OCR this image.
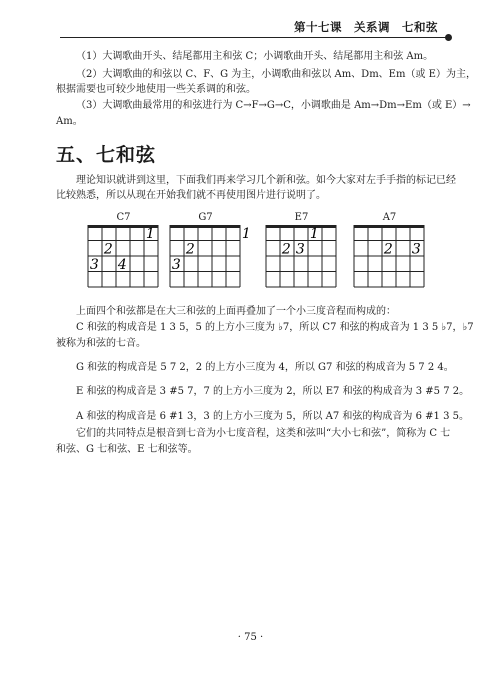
第十七课　关系调　七和弦
（1）大调歌曲开头、结尾都用主和弦 C；小调歌曲开头、结尾都用主和弦 Am。
（2）大调歌曲的和弦以 C、F、G 为主，小调歌曲和弦以 Am、Dm、Em（或 E）为主，
根据需要也可较少地使用一些关系调的和弦。
（3）大调歌曲最常用的和弦进行为 C→F→G→C，小调歌曲是 Am→Dm→Em（或 E）→
Am。
五、七和弦
理论知识就讲到这里，下面我们再来学习几个新和弦。如今大家对左手手指的标记已经
比较熟悉，所以从现在开始我们就不再使用图片进行说明了。
C7
1
2
3 4
G7
1
2
3
E7
1
2 3
A7
2 3
上面四个和弦都是在大三和弦的上面再叠加了一个小三度音程而构成的：
C 和弦的构成音是 1 3 5，5 的上方小三度为 ♭7，所以 C7 和弦的构成音为 1 3 5 ♭7，♭7
被称为和弦的七音。
G 和弦的构成音是 5 7 2，2 的上方小三度为 4，所以 G7 和弦的构成音为 5 7 2 4。
E 和弦的构成音是 3 #5 7，7 的上方小三度为 2，所以 E7 和弦的构成音为 3 #5 7 2。
A 和弦的构成音是 6 #1 3，3 的上方小三度为 5，所以 A7 和弦的构成音为 6 #1 3 5。
它们的共同特点是根音到七音为小七度音程，这类和弦叫“大小七和弦”，简称为 C 七
和弦、G 七和弦、E 七和弦等。
· 75 ·
